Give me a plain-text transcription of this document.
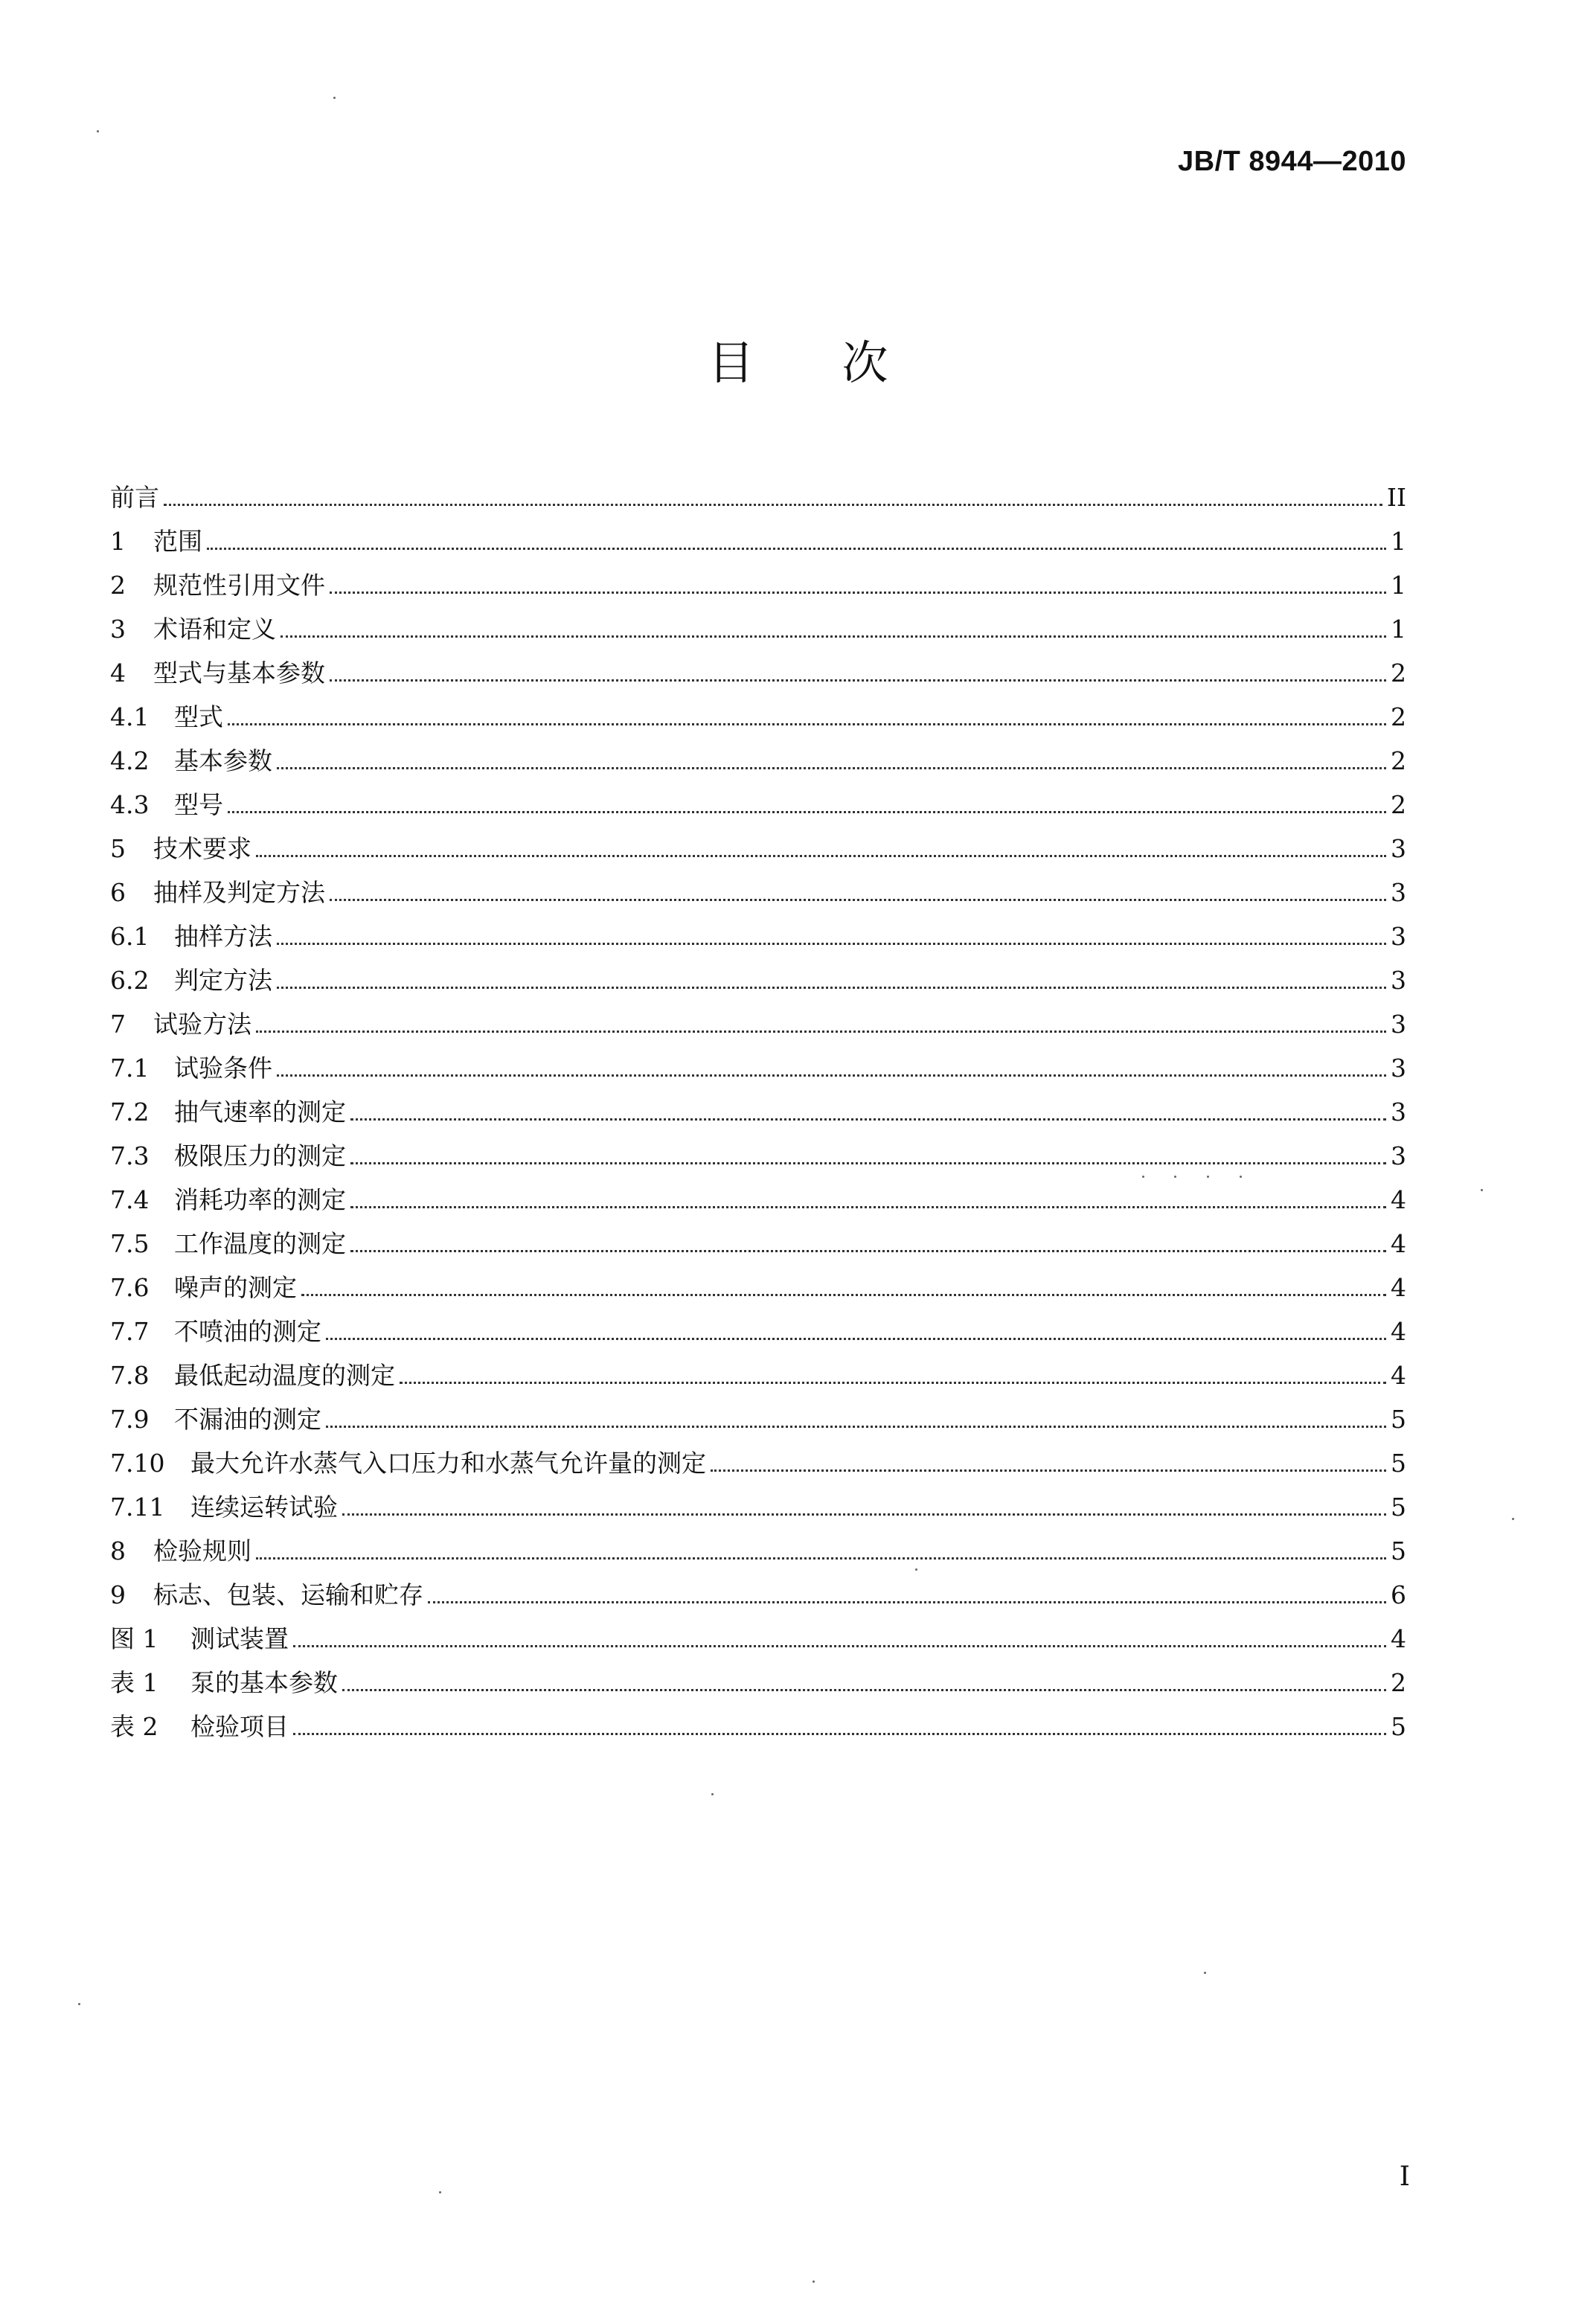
JB/T 8944—2010
目次
前言	II
1	范围	1
2	规范性引用文件	1
3	术语和定义	1
4	型式与基本参数	2
4.1	型式	2
4.2	基本参数	2
4.3	型号	2
5	技术要求	3
6	抽样及判定方法	3
6.1	抽样方法	3
6.2	判定方法	3
7	试验方法	3
7.1	试验条件	3
7.2	抽气速率的测定	3
7.3	极限压力的测定	3
7.4	消耗功率的测定	4
7.5	工作温度的测定	4
7.6	噪声的测定	4
7.7	不喷油的测定	4
7.8	最低起动温度的测定	4
7.9	不漏油的测定	5
7.10	最大允许水蒸气入口压力和水蒸气允许量的测定	5
7.11	连续运转试验	5
8	检验规则	5
9	标志、包装、运输和贮存	6
图 1	测试装置	4
表 1	泵的基本参数	2
表 2	检验项目	5
I
